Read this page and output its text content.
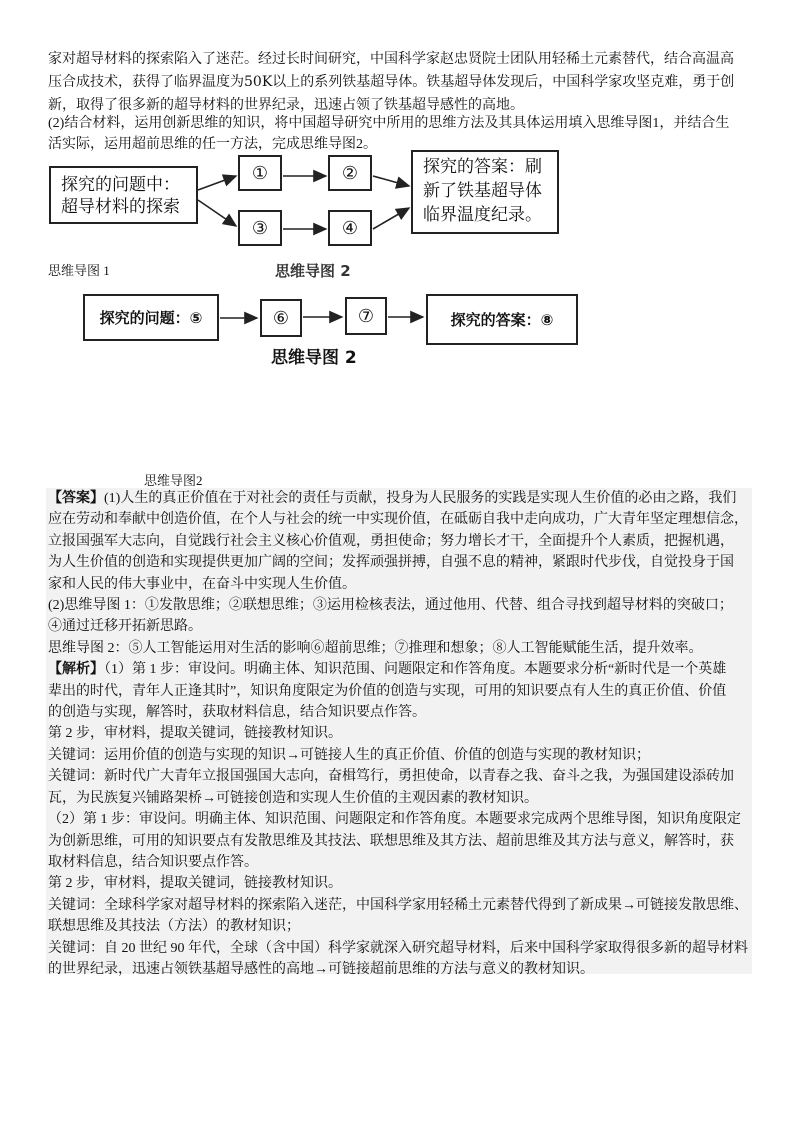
家对超导材料的探索陷入了迷茫。经过长时间研究，中国科学家赵忠贤院士团队用轻稀土元素替代，结合高温高

压合成技术，获得了临界温度为50K以上的系列铁基超导体。铁基超导体发现后，中国科学家攻坚克难，勇于创

新，取得了很多新的超导材料的世界纪录，迅速占领了铁基超导感性的高地。

(2)结合材料，运用创新思维的知识，将中国超导研究中所用的思维方法及其具体运用填入思维导图1，并结合生

活实际，运用超前思维的任一方法，完成思维导图2。

探究的问题中：
超导材料的探索
①	②
③	④
探究的答案：刷
新了铁基超导体
临界温度纪录。
思维导图 1	思维导图 2
探究的问题：⑤	⑥	⑦	探究的答案：⑧
思维导图 2
思维导图2

【答案】(1)人生的真正价值在于对社会的责任与贡献，投身为人民服务的实践是实现人生价值的必由之路，我们

应在劳动和奉献中创造价值，在个人与社会的统一中实现价值，在砥砺自我中走向成功，广大青年坚定理想信念，

立报国强军大志向，自觉践行社会主义核心价值观，勇担使命；努力增长才干，全面提升个人素质，把握机遇，

为人生价值的创造和实现提供更加广阔的空间；发挥顽强拼搏，自强不息的精神，紧跟时代步伐，自觉投身于国

家和人民的伟大事业中，在奋斗中实现人生价值。

(2)思维导图 1：①发散思维；②联想思维；③运用检核表法，通过他用、代替、组合寻找到超导材料的突破口；

④通过迁移开拓新思路。

思维导图 2：⑤人工智能运用对生活的影响⑥超前思维；⑦推理和想象；⑧人工智能赋能生活，提升效率。

【解析】（1）第 1 步：审设问。明确主体、知识范围、问题限定和作答角度。本题要求分析“新时代是一个英雄

辈出的时代，青年人正逢其时”，知识角度限定为价值的创造与实现，可用的知识要点有人生的真正价值、价值

的创造与实现，解答时，获取材料信息，结合知识要点作答。

第 2 步，审材料，提取关键词，链接教材知识。

关键词：运用价值的创造与实现的知识→可链接人生的真正价值、价值的创造与实现的教材知识；

关键词：新时代广大青年立报国强国大志向，奋楫笃行，勇担使命，以青春之我、奋斗之我，为强国建设添砖加

瓦，为民族复兴铺路架桥→可链接创造和实现人生价值的主观因素的教材知识。

（2）第 1 步：审设问。明确主体、知识范围、问题限定和作答角度。本题要求完成两个思维导图，知识角度限定

为创新思维，可用的知识要点有发散思维及其技法、联想思维及其方法、超前思维及其方法与意义，解答时，获

取材料信息，结合知识要点作答。

第 2 步，审材料，提取关键词，链接教材知识。

关键词：全球科学家对超导材料的探索陷入迷茫，中国科学家用轻稀土元素替代得到了新成果→可链接发散思维、

联想思维及其技法（方法）的教材知识；

关键词：自 20 世纪 90 年代，全球（含中国）科学家就深入研究超导材料，后来中国科学家取得很多新的超导材料

的世界纪录，迅速占领铁基超导感性的高地→可链接超前思维的方法与意义的教材知识。
